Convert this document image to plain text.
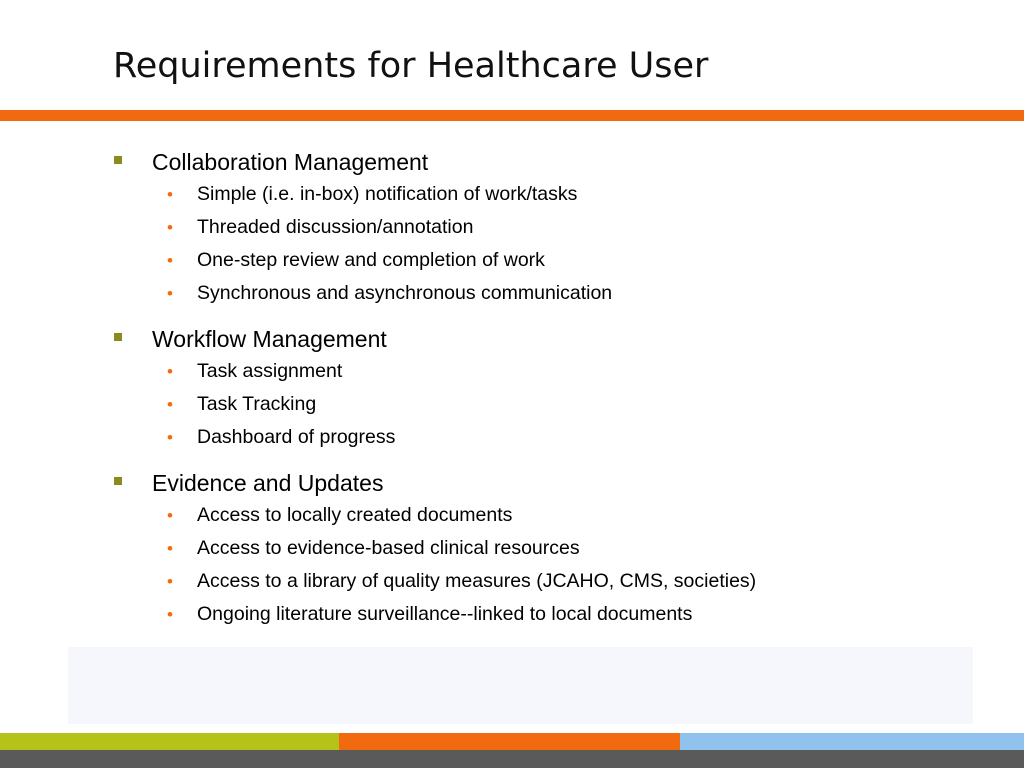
Requirements for Healthcare User
Collaboration Management
• Simple (i.e. in-box) notification of work/tasks
• Threaded discussion/annotation
• One-step review and completion of work
• Synchronous and asynchronous communication
Workflow Management
• Task assignment
• Task Tracking
• Dashboard of progress
Evidence and Updates
• Access to locally created documents
• Access to evidence-based clinical resources
• Access to a library of quality measures (JCAHO, CMS, societies)
• Ongoing literature surveillance--linked to local documents
